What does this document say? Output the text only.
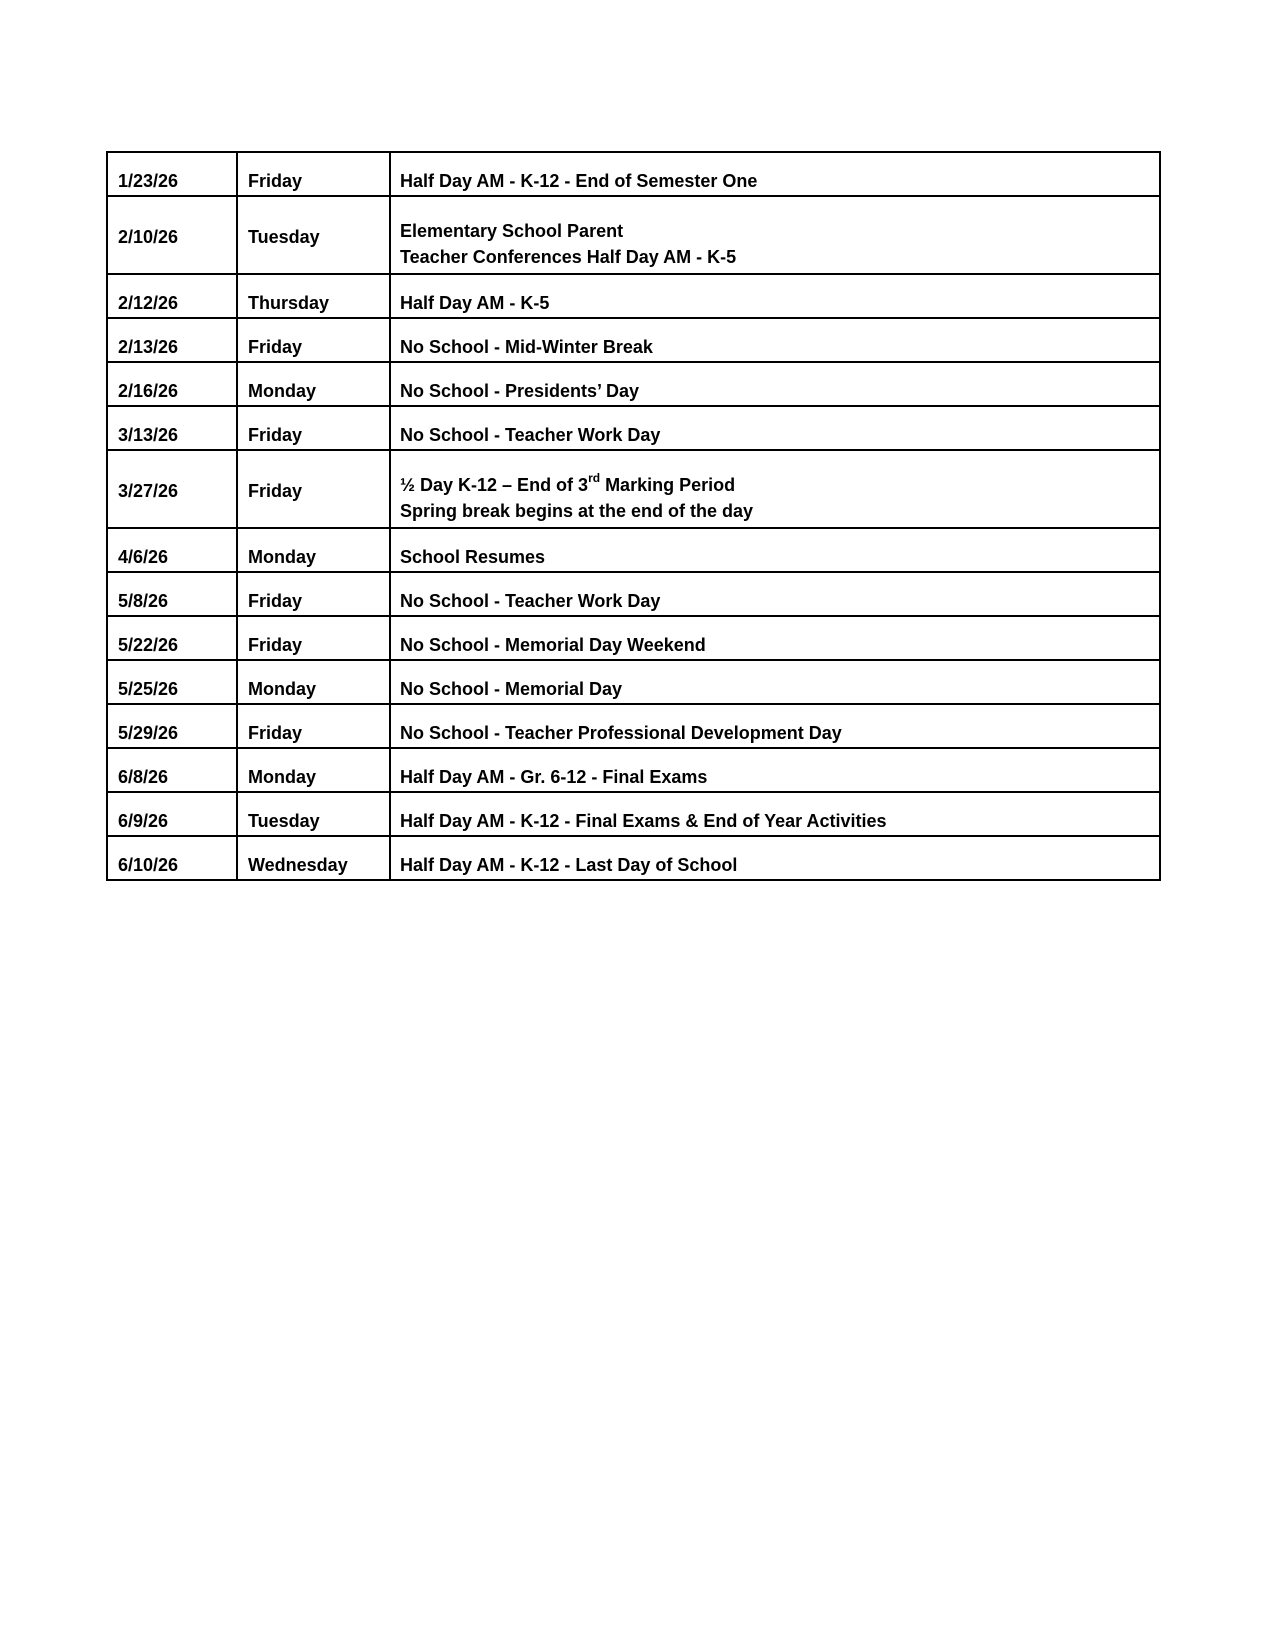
1/23/26	Friday	Half Day AM - K-12 - End of Semester One
2/10/26	Tuesday	Elementary School Parent
Teacher Conferences Half Day AM - K-5

2/12/26	Thursday	Half Day AM - K-5
2/13/26	Friday	No School - Mid-Winter Break
2/16/26	Monday	No School - Presidents’ Day
3/13/26	Friday	No School - Teacher Work Day
3/27/26	Friday	½ Day K-12 – End of 3rd Marking Period
Spring break begins at the end of the day

4/6/26	Monday	School Resumes
5/8/26	Friday	No School - Teacher Work Day
5/22/26	Friday	No School - Memorial Day Weekend
5/25/26	Monday	No School - Memorial Day
5/29/26	Friday	No School - Teacher Professional Development Day
6/8/26	Monday	Half Day AM - Gr. 6-12 - Final Exams
6/9/26	Tuesday	Half Day AM - K-12 - Final Exams & End of Year Activities
6/10/26	Wednesday	Half Day AM - K-12 - Last Day of School
